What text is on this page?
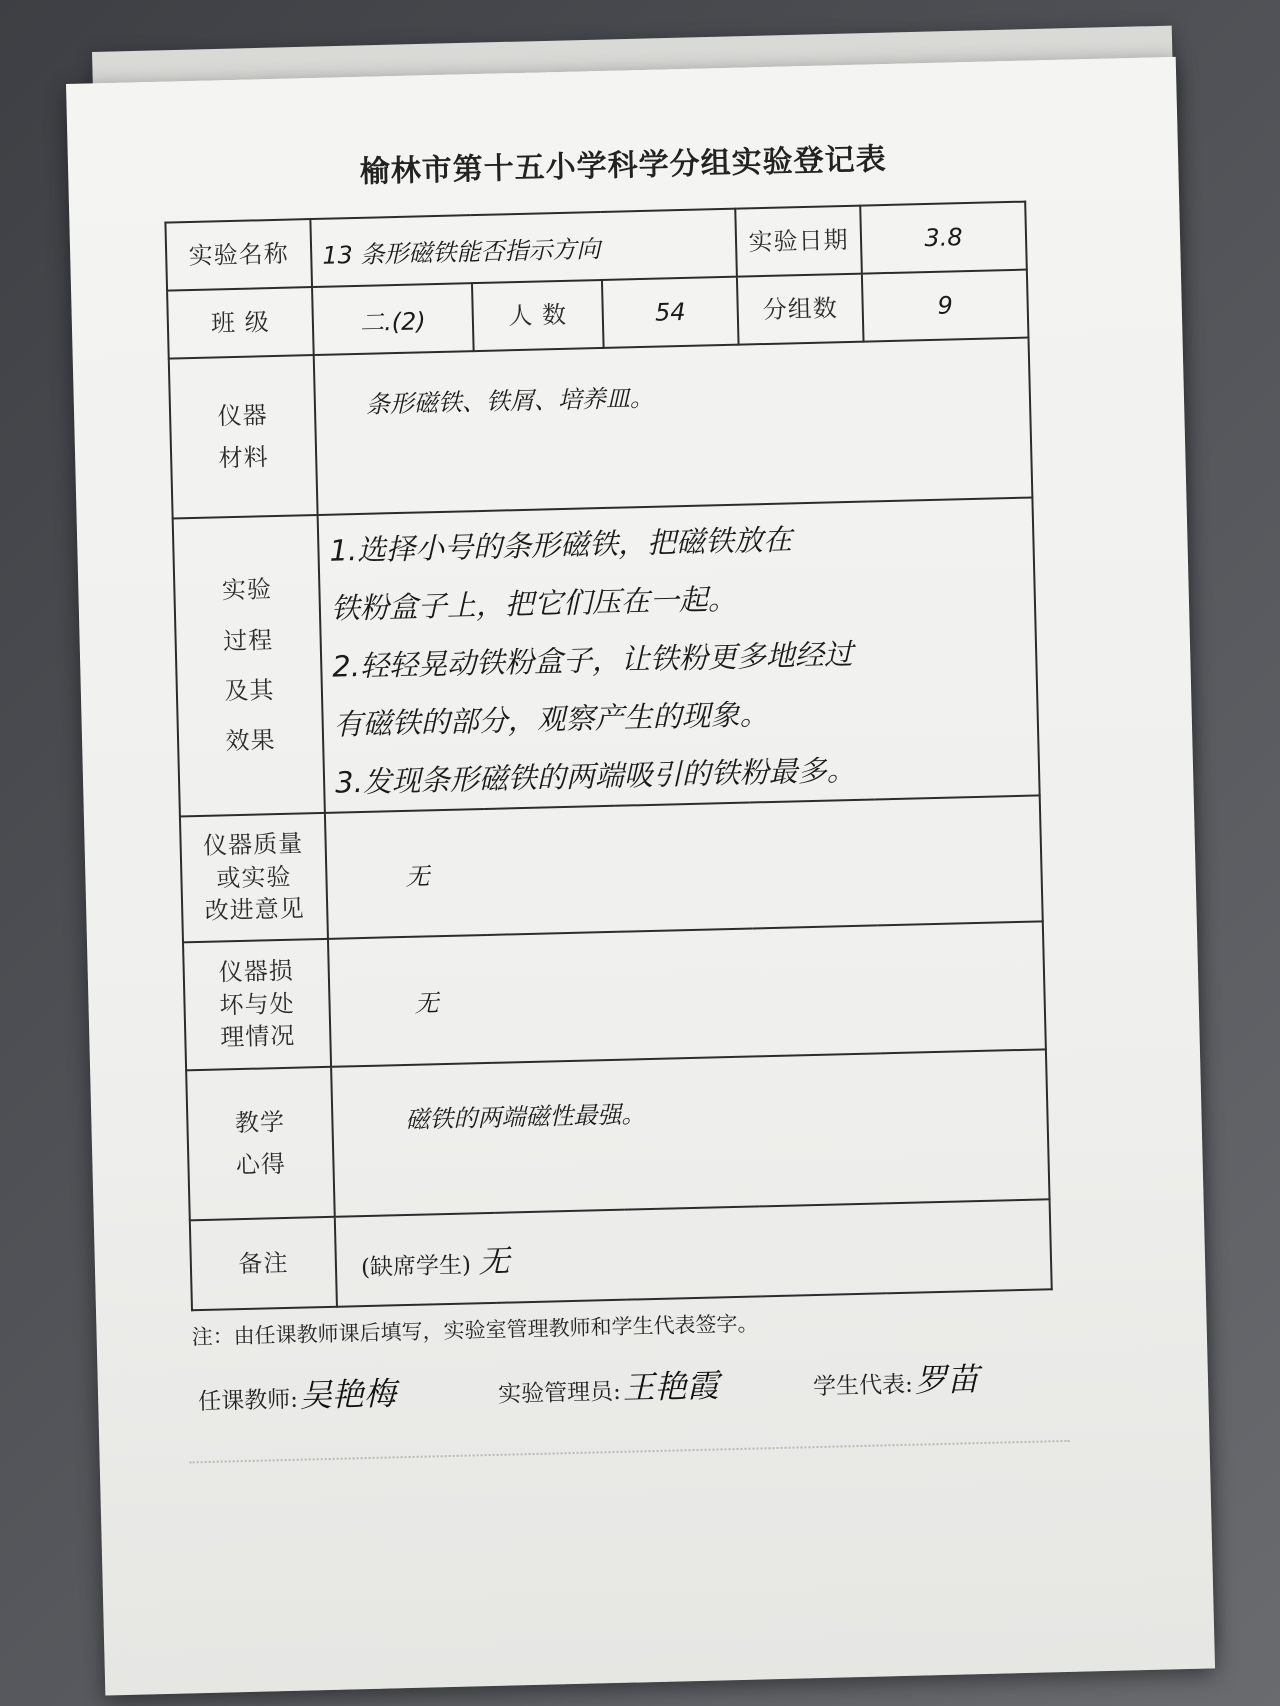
榆林市第十五小学科学分组实验登记表
实验名称	13 条形磁铁能否指示方向			实验日期	3.8
班 级	二.(2)	人 数	54	分组数	9
仪器 材料	条形磁铁、铁屑、培养皿。				
实验 过程 及其 效果	1.选择小号的条形磁铁，把磁铁放在
铁粉盒子上，把它们压在一起。
2.轻轻晃动铁粉盒子，让铁粉更多地经过
有磁铁的部分，观察产生的现象。
3.发现条形磁铁的两端吸引的铁粉最多。				

仪器质量 或实验 改进意见	无				
仪器损 坏与处 理情况	无				
教学 心得	磁铁的两端磁性最强。				
备注	(缺席学生) 无				
注：由任课教师课后填写，实验室管理教师和学生代表签字。
任课教师:吴艳梅	实验管理员:王艳霞	学生代表:罗苗
